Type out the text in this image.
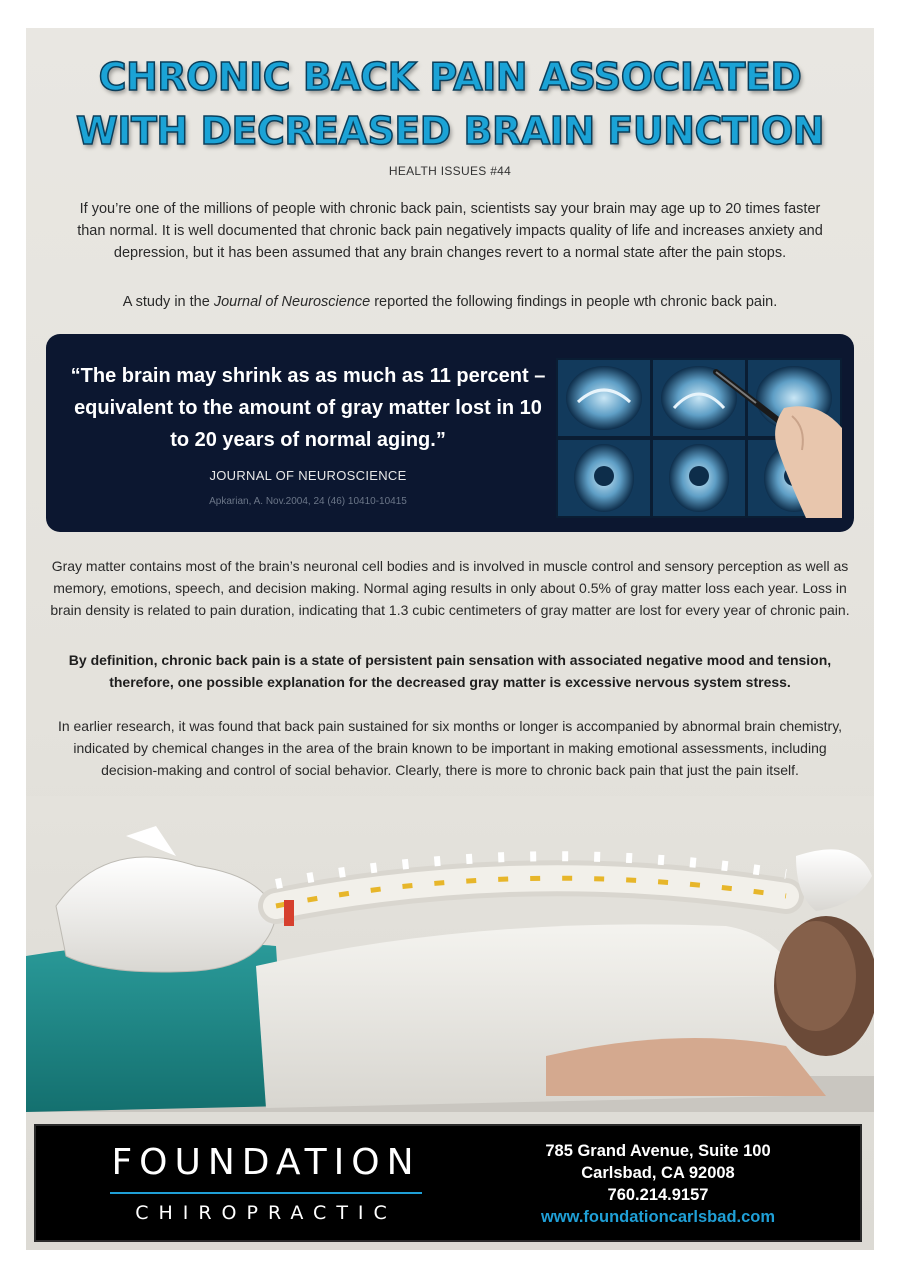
CHRONIC BACK PAIN ASSOCIATED
WITH DECREASED BRAIN FUNCTION
HEALTH ISSUES #44

If you’re one of the millions of people with chronic back pain, scientists say your brain may age up to 20 times faster than normal. It is well documented that chronic back pain negatively impacts quality of life and increases anxiety and depression, but it has been assumed that any brain changes revert to a normal state after the pain stops.

A study in the Journal of Neuroscience reported the following findings in people wth chronic back pain.

“The brain may shrink as as much as 11 percent – equivalent to the amount of gray matter lost in 10 to 20 years of normal aging.”
JOURNAL OF NEUROSCIENCE
Apkarian, A. Nov.2004, 24 (46) 10410-10415

Gray matter contains most of the brain’s neuronal cell bodies and is involved in muscle control and sensory perception as well as memory, emotions, speech, and decision making. Normal aging results in only about 0.5% of gray matter loss each year. Loss in brain density is related to pain duration, indicating that 1.3 cubic centimeters of gray matter are lost for every year of chronic pain.

By definition, chronic back pain is a state of persistent pain sensation with associated negative mood and tension, therefore, one possible explanation for the decreased gray matter is excessive nervous system stress.

In earlier research, it was found that back pain sustained for six months or longer is accompanied by abnormal brain chemistry, indicated by chemical changes in the area of the brain known to be important in making emotional assessments, including decision-making and control of social behavior. Clearly, there is more to chronic back pain that just the pain itself.

FOUNDATION
CHIROPRACTIC
785 Grand Avenue, Suite 100
Carlsbad, CA 92008
760.214.9157
www.foundationcarlsbad.com
